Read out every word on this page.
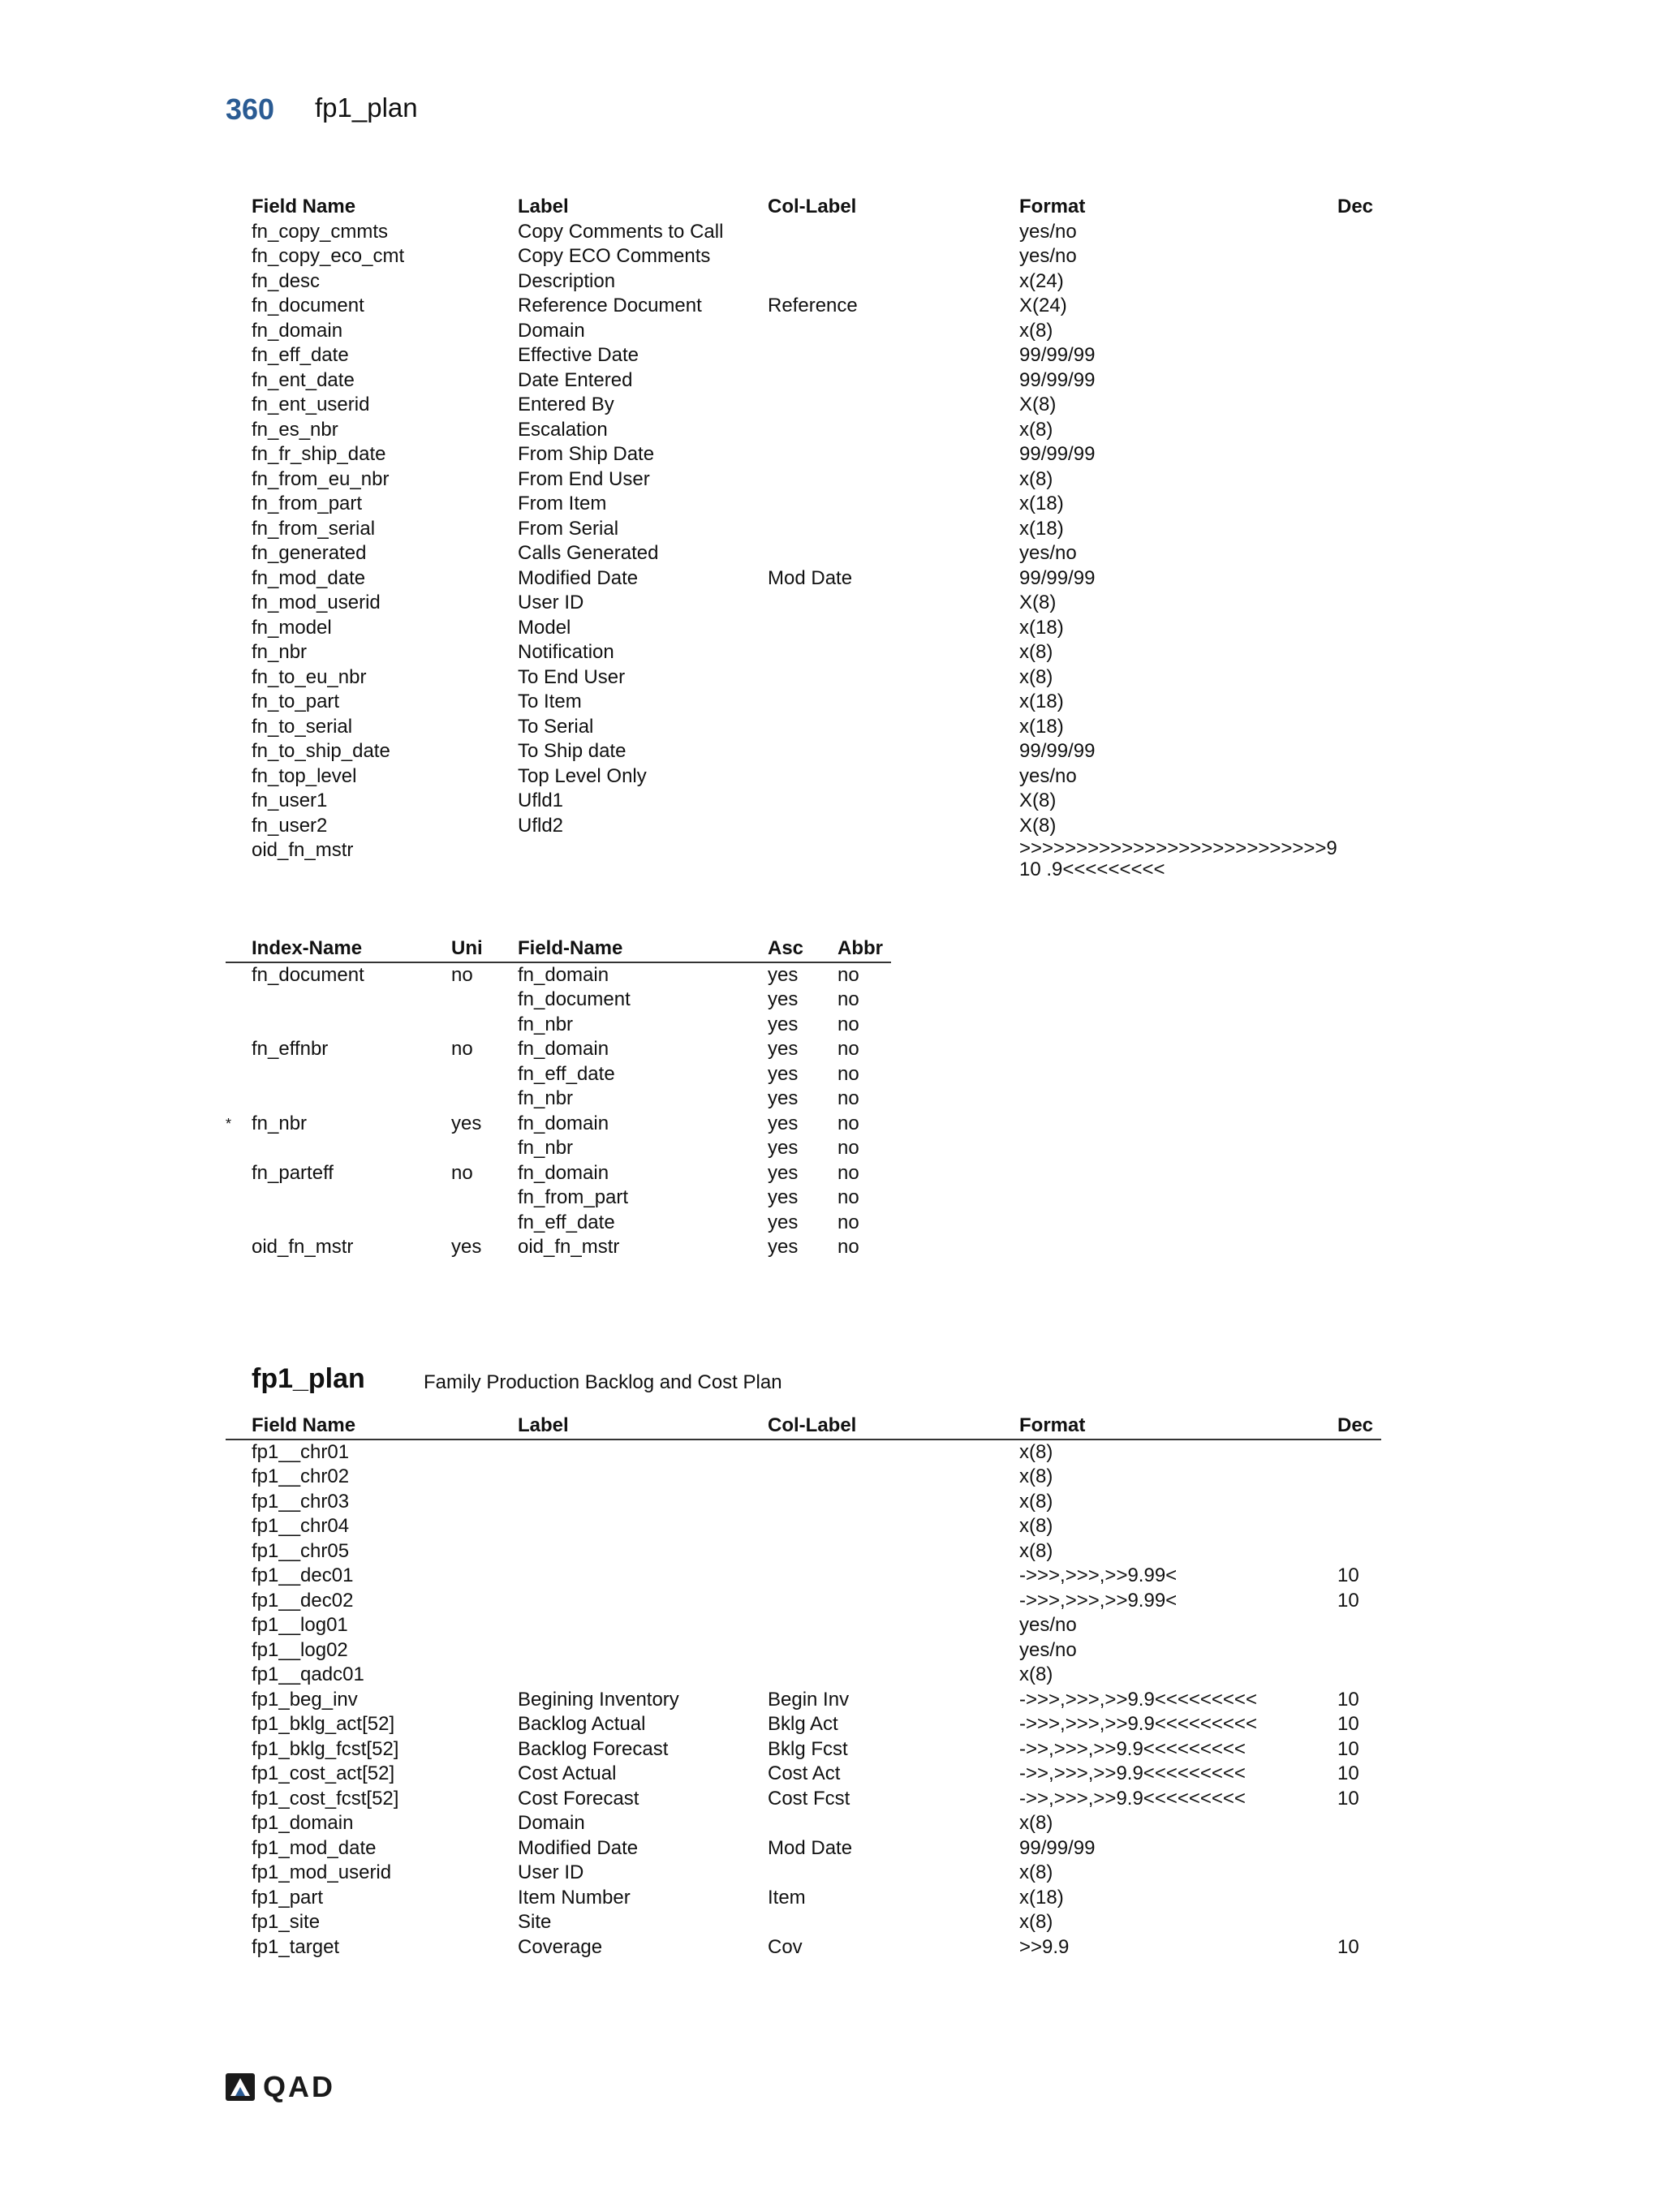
360 fp1_plan
	Field Name	Label	Col-Label	Format	Dec
	fn_copy_cmmts	Copy Comments to Call		yes/no	
	fn_copy_eco_cmt	Copy ECO Comments		yes/no	
	fn_desc	Description		x(24)	
	fn_document	Reference Document	Reference	X(24)	
	fn_domain	Domain		x(8)	
	fn_eff_date	Effective Date		99/99/99	
	fn_ent_date	Date Entered		99/99/99	
	fn_ent_userid	Entered By		X(8)	
	fn_es_nbr	Escalation		x(8)	
	fn_fr_ship_date	From Ship Date		99/99/99	
	fn_from_eu_nbr	From End User		x(8)	
	fn_from_part	From Item		x(18)	
	fn_from_serial	From Serial		x(18)	
	fn_generated	Calls Generated		yes/no	
	fn_mod_date	Modified Date	Mod Date	99/99/99	
	fn_mod_userid	User ID		X(8)	
	fn_model	Model		x(18)	
	fn_nbr	Notification		x(8)	
	fn_to_eu_nbr	To End User		x(8)	
	fn_to_part	To Item		x(18)	
	fn_to_serial	To Serial		x(18)	
	fn_to_ship_date	To Ship date		99/99/99	
	fn_top_level	Top Level Only		yes/no	
	fn_user1	Ufld1		X(8)	
	fn_user2	Ufld2		X(8)	
	oid_fn_mstr			>>>>>>>>>>>>>>>>>>>>>>>>>>>9 10 .9<<<<<<<<<	
	Index-Name	Uni	Field-Name	Asc	Abbr
	fn_document	no	fn_domain	yes	no
			fn_document	yes	no
			fn_nbr	yes	no
	fn_effnbr	no	fn_domain	yes	no
			fn_eff_date	yes	no
			fn_nbr	yes	no
*	fn_nbr	yes	fn_domain	yes	no
			fn_nbr	yes	no
	fn_parteff	no	fn_domain	yes	no
			fn_from_part	yes	no
			fn_eff_date	yes	no
	oid_fn_mstr	yes	oid_fn_mstr	yes	no
fp1_plan	Family Production Backlog and Cost Plan
	Field Name	Label	Col-Label	Format	Dec
	fp1__chr01			x(8)	
	fp1__chr02			x(8)	
	fp1__chr03			x(8)	
	fp1__chr04			x(8)	
	fp1__chr05			x(8)	
	fp1__dec01			->>>,>>>,>>9.99<	10
	fp1__dec02			->>>,>>>,>>9.99<	10
	fp1__log01			yes/no	
	fp1__log02			yes/no	
	fp1__qadc01			x(8)	
	fp1_beg_inv	Begining Inventory	Begin Inv	->>>,>>>,>>9.9<<<<<<<<<	10
	fp1_bklg_act[52]	Backlog Actual	Bklg Act	->>>,>>>,>>9.9<<<<<<<<<	10
	fp1_bklg_fcst[52]	Backlog Forecast	Bklg Fcst	->>,>>>,>>9.9<<<<<<<<<	10
	fp1_cost_act[52]	Cost Actual	Cost Act	->>,>>>,>>9.9<<<<<<<<<	10
	fp1_cost_fcst[52]	Cost Forecast	Cost Fcst	->>,>>>,>>9.9<<<<<<<<<	10
	fp1_domain	Domain		x(8)	
	fp1_mod_date	Modified Date	Mod Date	99/99/99	
	fp1_mod_userid	User ID		x(8)	
	fp1_part	Item Number	Item	x(18)	
	fp1_site	Site		x(8)	
	fp1_target	Coverage	Cov	>>9.9	10
QAD
